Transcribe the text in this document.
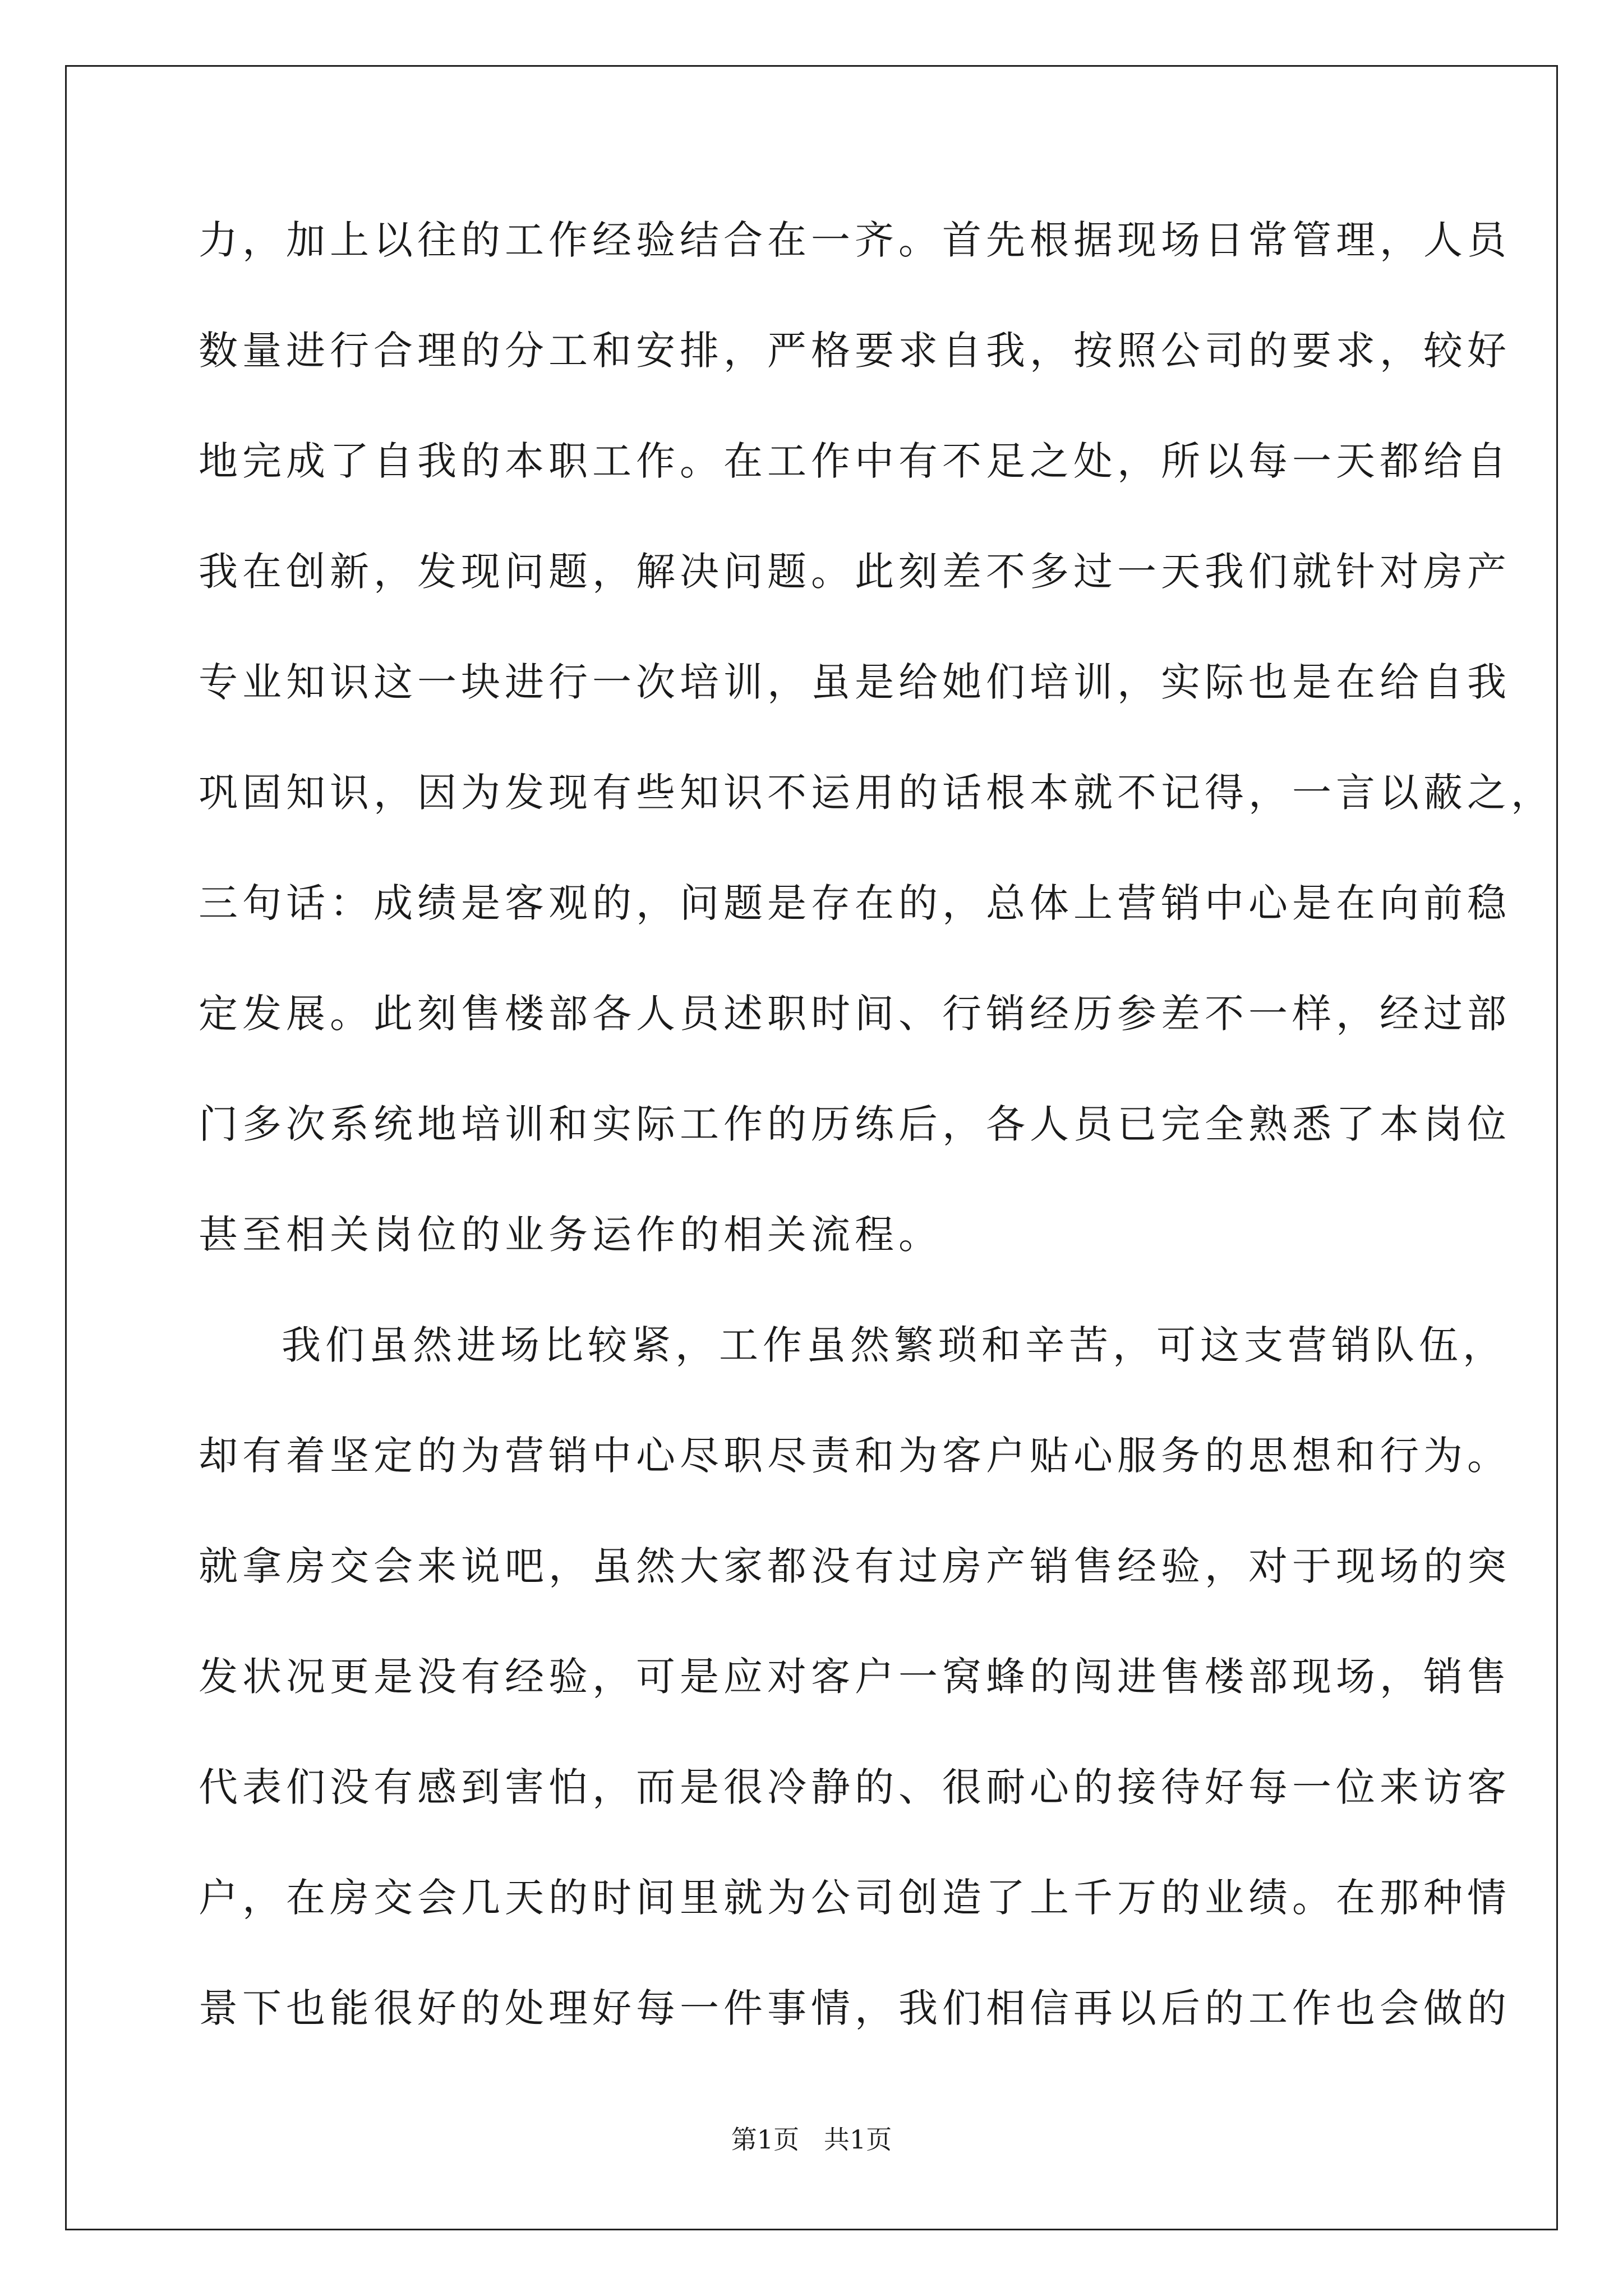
力，加上以往的工作经验结合在一齐。首先根据现场日常管理，人员
数量进行合理的分工和安排，严格要求自我，按照公司的要求，较好
地完成了自我的本职工作。在工作中有不足之处，所以每一天都给自
我在创新，发现问题，解决问题。此刻差不多过一天我们就针对房产
专业知识这一块进行一次培训，虽是给她们培训，实际也是在给自我
巩固知识，因为发现有些知识不运用的话根本就不记得，一言以蔽之，
三句话：成绩是客观的，问题是存在的，总体上营销中心是在向前稳
定发展。此刻售楼部各人员述职时间、行销经历参差不一样，经过部
门多次系统地培训和实际工作的历练后，各人员已完全熟悉了本岗位
甚至相关岗位的业务运作的相关流程。
我们虽然进场比较紧，工作虽然繁琐和辛苦，可这支营销队伍，
却有着坚定的为营销中心尽职尽责和为客户贴心服务的思想和行为。
就拿房交会来说吧，虽然大家都没有过房产销售经验，对于现场的突
发状况更是没有经验，可是应对客户一窝蜂的闯进售楼部现场，销售
代表们没有感到害怕，而是很冷静的、很耐心的接待好每一位来访客
户，在房交会几天的时间里就为公司创造了上千万的业绩。在那种情
景下也能很好的处理好每一件事情，我们相信再以后的工作也会做的
第1页   共1页
